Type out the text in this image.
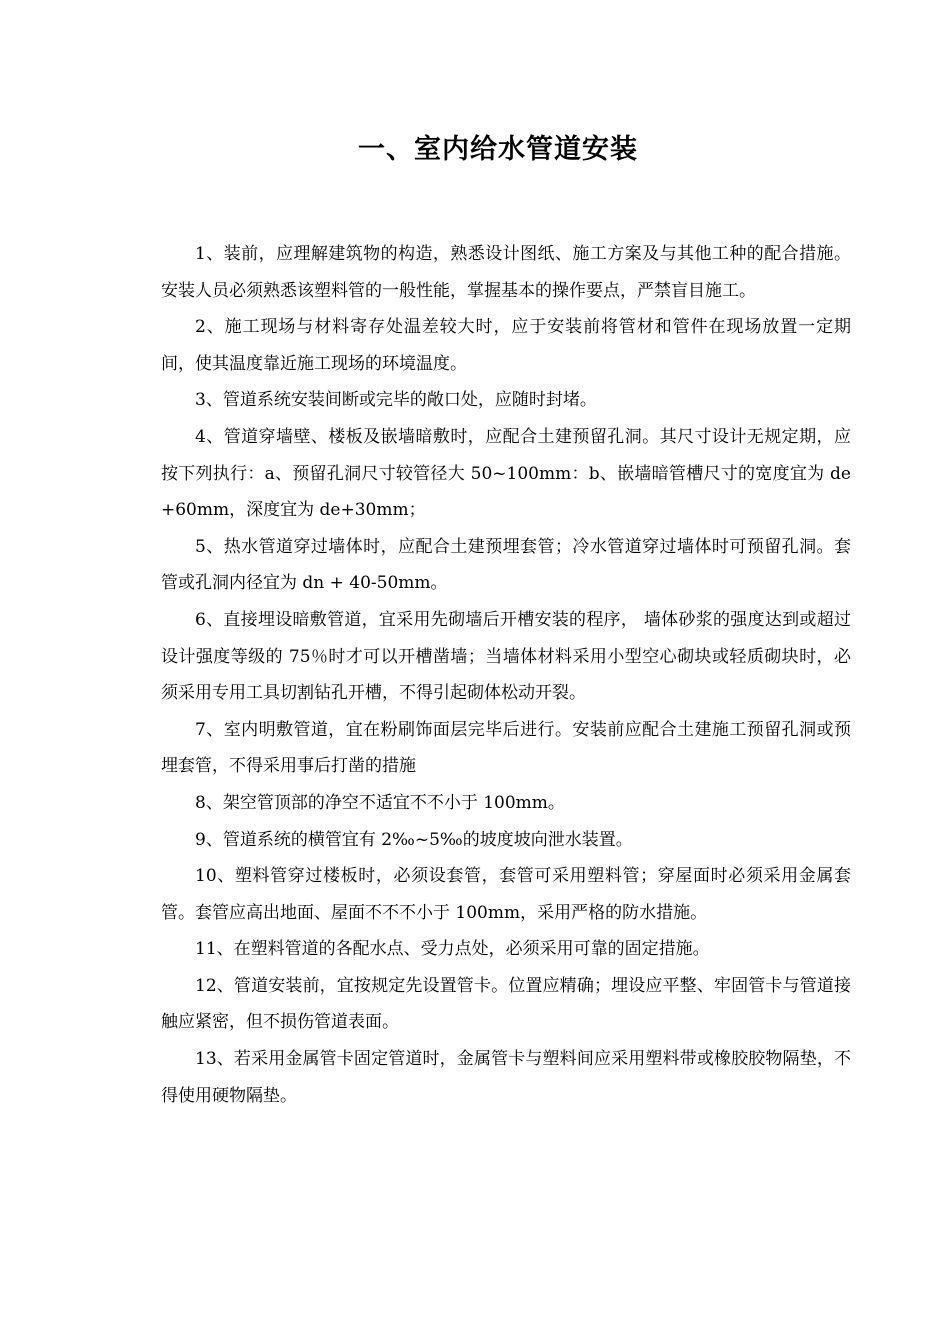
一、室内给水管道安装

1、装前，应理解建筑物的构造，熟悉设计图纸、施工方案及与其他工种的配合措施。安装人员必须熟悉该塑料管的一般性能，掌握基本的操作要点，严禁盲目施工。

2、施工现场与材料寄存处温差较大时，应于安装前将管材和管件在现场放置一定期间，使其温度靠近施工现场的环境温度。

3、管道系统安装间断或完毕的敞口处，应随时封堵。

4、管道穿墙壁、楼板及嵌墙暗敷时，应配合土建预留孔洞。其尺寸设计无规定期，应按下列执行：a、预留孔洞尺寸较管径大 50~100mm：b、嵌墙暗管槽尺寸的宽度宜为 de+60mm，深度宜为 de+30mm；

5、热水管道穿过墙体时，应配合土建预埋套管；冷水管道穿过墙体时可预留孔洞。套管或孔洞内径宜为 dn + 40-50mm。

6、直接埋设暗敷管道，宜采用先砌墙后开槽安装的程序， 墙体砂浆的强度达到或超过设计强度等级的 75％时才可以开槽凿墙；当墙体材料采用小型空心砌块或轻质砌块时，必须采用专用工具切割钻孔开槽，不得引起砌体松动开裂。

7、室内明敷管道，宜在粉刷饰面层完毕后进行。安装前应配合土建施工预留孔洞或预埋套管，不得采用事后打凿的措施

8、架空管顶部的净空不适宜不不小于 100mm。

9、管道系统的横管宜有 2‰~5‰的坡度坡向泄水装置。

10、塑料管穿过楼板时，必须设套管，套管可采用塑料管；穿屋面时必须采用金属套管。套管应高出地面、屋面不不不小于 100mm，采用严格的防水措施。

11、在塑料管道的各配水点、受力点处，必须采用可靠的固定措施。

12、管道安装前，宜按规定先设置管卡。位置应精确；埋设应平整、牢固管卡与管道接触应紧密，但不损伤管道表面。

13、若采用金属管卡固定管道时，金属管卡与塑料间应采用塑料带或橡胶胶物隔垫，不得使用硬物隔垫。
